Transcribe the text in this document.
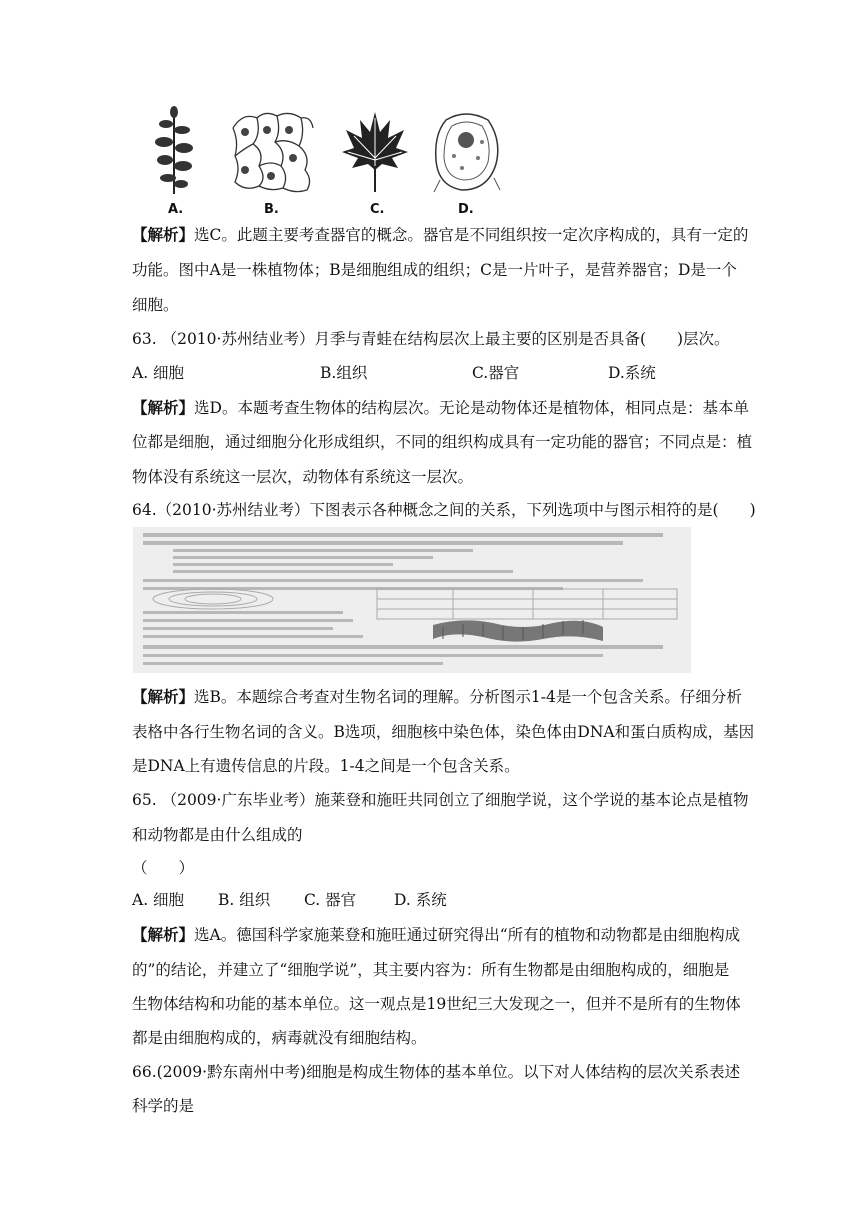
A.	B.	C.	D.
【解析】选C。此题主要考查器官的概念。器官是不同组织按一定次序构成的，具有一定的
功能。图中A是一株植物体；B是细胞组成的组织；C是一片叶子，是营养器官；D是一个
细胞。
63. （2010·苏州结业考）月季与青蛙在结构层次上最主要的区别是否具备(　　)层次。
A. 细胞	B.组织	C.器官	D.系统
【解析】选D。本题考查生物体的结构层次。无论是动物体还是植物体，相同点是：基本单
位都是细胞，通过细胞分化形成组织，不同的组织构成具有一定功能的器官；不同点是：植
物体没有系统这一层次，动物体有系统这一层次。
64.（2010·苏州结业考）下图表示各种概念之间的关系，下列选项中与图示相符的是(　　)
【解析】选B。本题综合考查对生物名词的理解。分析图示1-4是一个包含关系。仔细分析
表格中各行生物名词的含义。B选项，细胞核中染色体，染色体由DNA和蛋白质构成，基因
是DNA上有遗传信息的片段。1-4之间是一个包含关系。
65. （2009·广东毕业考）施莱登和施旺共同创立了细胞学说，这个学说的基本论点是植物
和动物都是由什么组成的
（　　）
A. 细胞 B. 组织 C. 器官 D. 系统
【解析】选A。德国科学家施莱登和施旺通过研究得出“所有的植物和动物都是由细胞构成
的”的结论，并建立了“细胞学说”，其主要内容为：所有生物都是由细胞构成的，细胞是
生物体结构和功能的基本单位。这一观点是19世纪三大发现之一，但并不是所有的生物体
都是由细胞构成的，病毒就没有细胞结构。
66.(2009·黔东南州中考)细胞是构成生物体的基本单位。以下对人体结构的层次关系表述
科学的是
